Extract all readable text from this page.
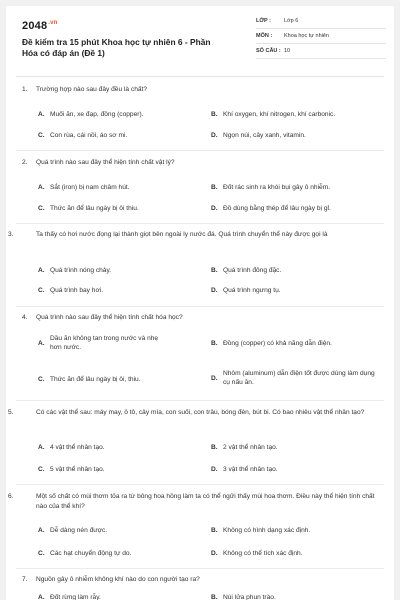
$2048^{.vn}$
Đề kiểm tra 15 phút Khoa học tự nhiên 6 - Phần Hóa có đáp án (Đề 1)
LỚP :	Lớp 6
MÔN :	Khoa học tự nhiên
SỐ CÂU : 10
1. Trường hợp nào sau đây đều là chất?
A. Muối ăn, xe đạp, đồng (copper).	B. Khí oxygen, khí nitrogen, khí carbonic.
C. Con rùa, cái nồi, áo sơ mi.	D. Ngọn núi, cây xanh, vitamin.
2. Quá trình nào sau đây thể hiện tính chất vật lý?
A. Sắt (iron) bị nam châm hút.	B. Đốt rác sinh ra khói bụi gây ô nhiễm.
C. Thức ăn để lâu ngày bị ôi thiu.	D. Đồ dùng bằng thép để lâu ngày bị gỉ.
3.	Ta thấy có hơi nước đọng lại thành giọt bên ngoài ly nước đá. Quá trình chuyển thể này được gọi là
A. Quá trình nóng chảy.	B. Quá trình đông đặc.
C. Quá trình bay hơi.	D. Quá trình ngưng tụ.
4. Quá trình nào sau đây thể hiện tính chất hóa học?
A.
Dầu ăn không tan trong nước và nhẹ hơn nước.
B. Đồng (copper) có khả năng dẫn điện.
C. Thức ăn để lâu ngày bị ôi, thiu.	D.
Nhôm (aluminum) dẫn điện tốt được dùng làm dụng cụ nấu ăn.
5.	Có các vật thể sau: máy may, ô tô, cây mía, con suối, con trâu, bóng đèn, bút bi. Có bao nhiêu vật thể nhân tạo?
A. 4 vật thể nhân tạo.	B. 2 vật thể nhân tạo.
C. 5 vật thể nhân tạo.	D. 3 vật thể nhân tạo.
6.	Một số chất có mùi thơm tỏa ra từ bông hoa hồng làm ta có thể ngửi thấy mùi hoa thơm. Điều này thể hiện tính chất nào của thể khí?
A. Dễ dàng nén được.	B. Không có hình dạng xác định.
C. Các hạt chuyển động tự do.	D. Không có thể tích xác định.
7. Nguồn gây ô nhiễm không khí nào do con người tạo ra?
A. Đốt rừng làm rẫy.	B. Núi lửa phun trào.
